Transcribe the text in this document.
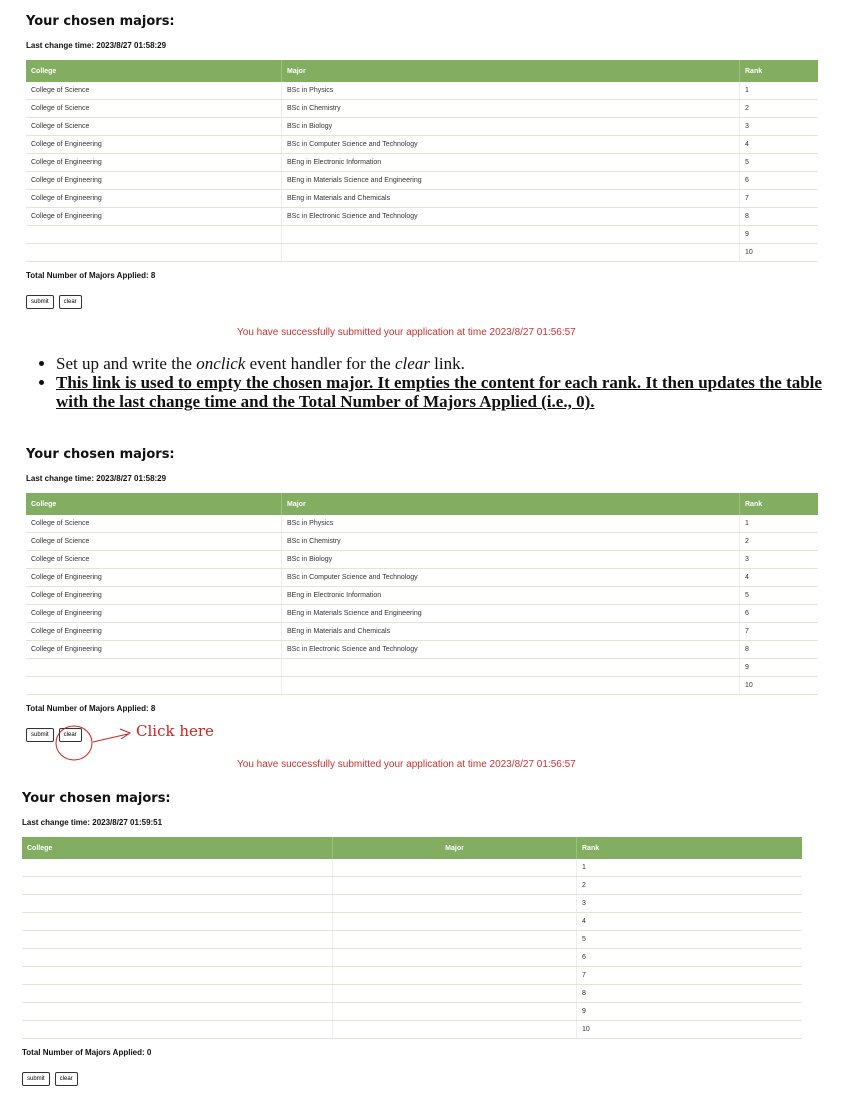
Your chosen majors:
Last change time: 2023/8/27 01:58:29
College	Major	Rank
College of Science	BSc in Physics	1
College of Science	BSc in Chemistry	2
College of Science	BSc in Biology	3
College of Engineering	BSc in Computer Science and Technology	4
College of Engineering	BEng in Electronic Information	5
College of Engineering	BEng in Materials Science and Engineering	6
College of Engineering	BEng in Materials and Chemicals	7
College of Engineering	BSc in Electronic Science and Technology	8
		9
		10
Total Number of Majors Applied: 8
submit	clear
You have successfully submitted your application at time 2023/8/27 01:56:57
• Set up and write the onclick event handler for the clear link.
• This link is used to empty the chosen major. It empties the content for each rank. It then updates the table with the last change time and the Total Number of Majors Applied (i.e., 0).
Your chosen majors:
Last change time: 2023/8/27 01:58:29
College	Major	Rank
College of Science	BSc in Physics	1
College of Science	BSc in Chemistry	2
College of Science	BSc in Biology	3
College of Engineering	BSc in Computer Science and Technology	4
College of Engineering	BEng in Electronic Information	5
College of Engineering	BEng in Materials Science and Engineering	6
College of Engineering	BEng in Materials and Chemicals	7
College of Engineering	BSc in Electronic Science and Technology	8
		9
		10
Total Number of Majors Applied: 8
submit	clear
You have successfully submitted your application at time 2023/8/27 01:56:57
Click here
Your chosen majors:
Last change time: 2023/8/27 01:59:51
College	Major	Rank
		1
		2
		3
		4
		5
		6
		7
		8
		9
		10
Total Number of Majors Applied: 0
submit	clear
